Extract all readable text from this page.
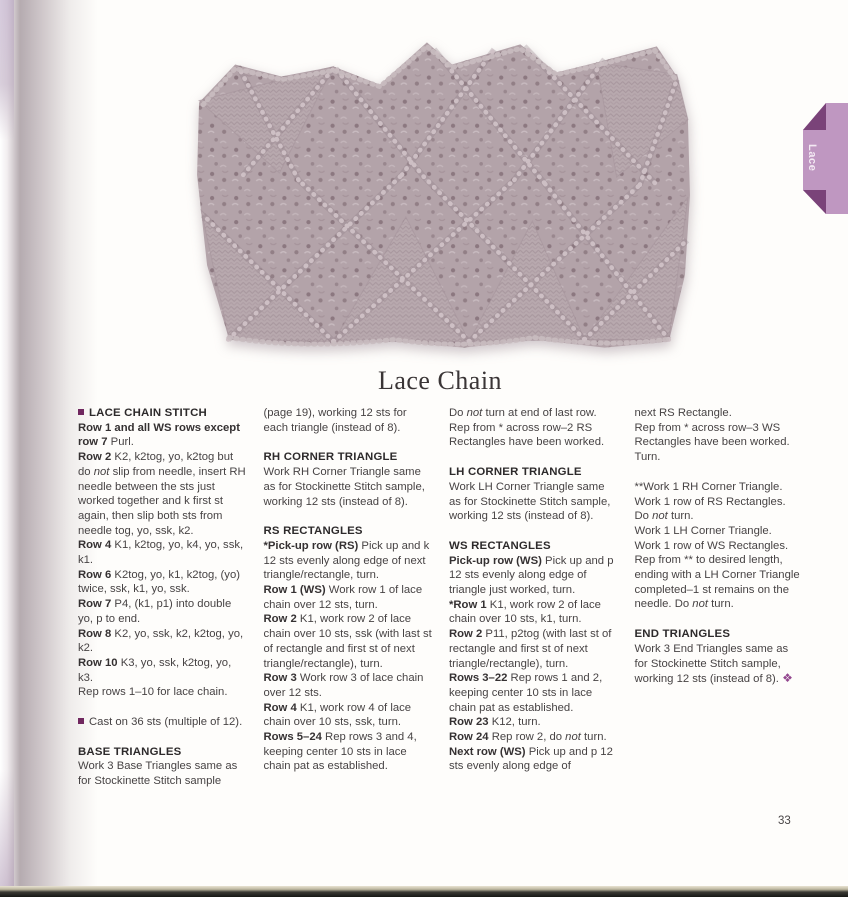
Lace Chain
LACE CHAIN STITCH

Row 1 and all WS rows except row 7 Purl.

Row 2 K2, k2tog, yo, k2tog but do not slip from needle, insert RH needle between the sts just worked together and k first st again, then slip both sts from needle tog, yo, ssk, k2.

Row 4 K1, k2tog, yo, k4, yo, ssk, k1.

Row 6 K2tog, yo, k1, k2tog, (yo) twice, ssk, k1, yo, ssk.

Row 7 P4, (k1, p1) into double yo, p to end.

Row 8 K2, yo, ssk, k2, k2tog, yo, k2.

Row 10 K3, yo, ssk, k2tog, yo, k3.

Rep rows 1–10 for lace chain.

Cast on 36 sts (multiple of 12).

BASE TRIANGLES

Work 3 Base Triangles same as for Stockinette Stitch sample

(page 19), working 12 sts for each triangle (instead of 8).

RH CORNER TRIANGLE

Work RH Corner Triangle same as for Stockinette Stitch sample, working 12 sts (instead of 8).

RS RECTANGLES

*Pick-up row (RS) Pick up and k 12 sts evenly along edge of next triangle/rectangle, turn.

Row 1 (WS) Work row 1 of lace chain over 12 sts, turn.

Row 2 K1, work row 2 of lace chain over 10 sts, ssk (with last st of rectangle and first st of next triangle/rectangle), turn.

Row 3 Work row 3 of lace chain over 12 sts.

Row 4 K1, work row 4 of lace chain over 10 sts, ssk, turn.

Rows 5–24 Rep rows 3 and 4, keeping center 10 sts in lace chain pat as established.

Do not turn at end of last row. Rep from * across row–2 RS Rectangles have been worked.

LH CORNER TRIANGLE

Work LH Corner Triangle same as for Stockinette Stitch sample, working 12 sts (instead of 8).

WS RECTANGLES

Pick-up row (WS) Pick up and p 12 sts evenly along edge of triangle just worked, turn.

*Row 1 K1, work row 2 of lace chain over 10 sts, k1, turn.

Row 2 P11, p2tog (with last st of rectangle and first st of next triangle/rectangle), turn.

Rows 3–22 Rep rows 1 and 2, keeping center 10 sts in lace chain pat as established.

Row 23 K12, turn.

Row 24 Rep row 2, do not turn.

Next row (WS) Pick up and p 12 sts evenly along edge of

next RS Rectangle.

Rep from * across row–3 WS Rectangles have been worked. Turn.

**Work 1 RH Corner Triangle.

Work 1 row of RS Rectangles.

Do not turn.

Work 1 LH Corner Triangle.

Work 1 row of WS Rectangles.

Rep from ** to desired length, ending with a LH Corner Triangle completed–1 st remains on the needle. Do not turn.

END TRIANGLES

Work 3 End Triangles same as for Stockinette Stitch sample, working 12 sts (instead of 8). ❖

Lace
33
